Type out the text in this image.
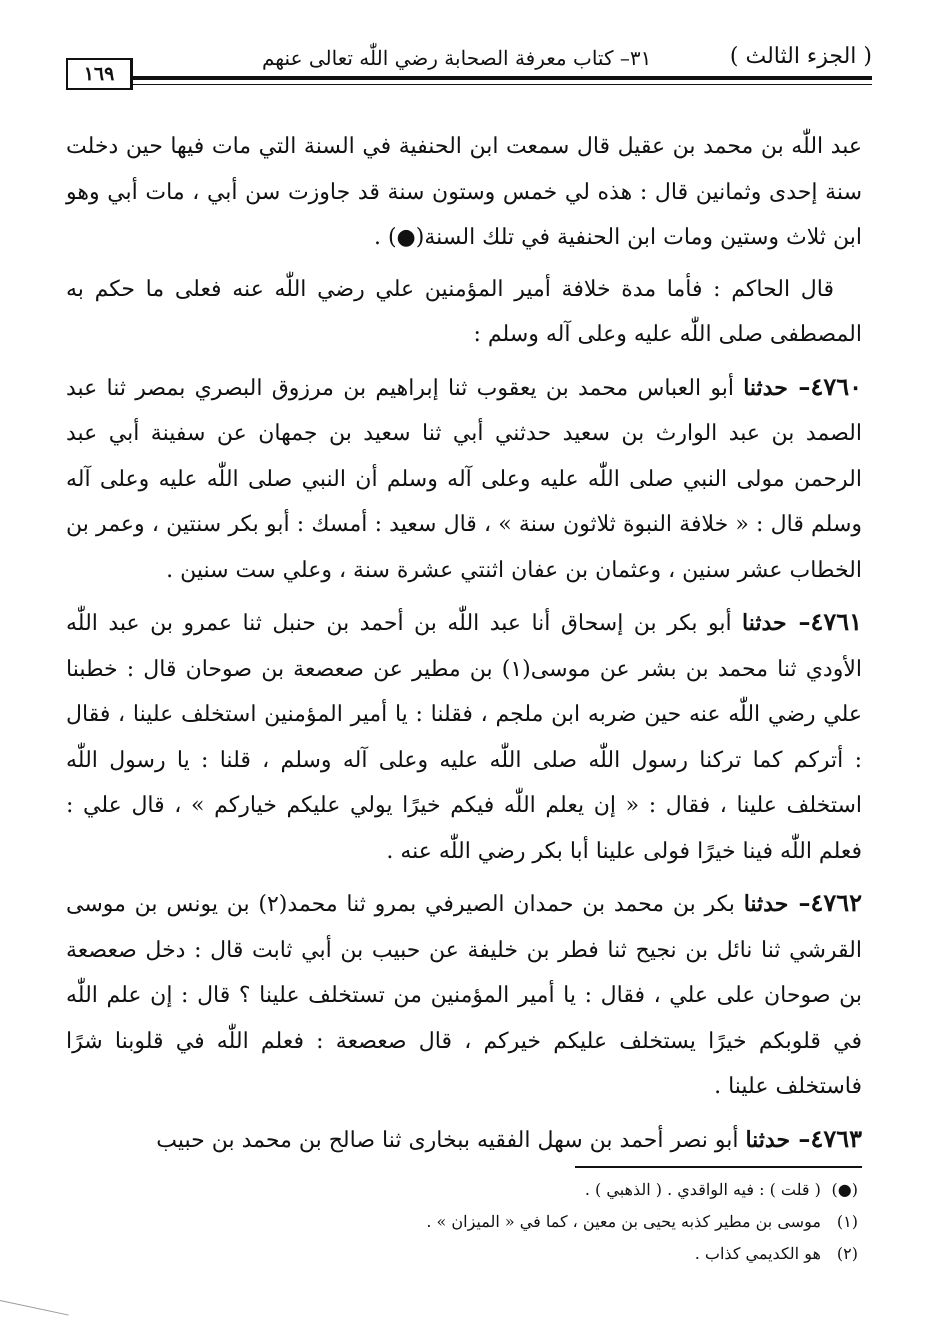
( الجزء الثالث )
٣١– كتاب معرفة الصحابة رضي اللّٰه تعالى عنهم
١٦٩

عبد اللّٰه بن محمد بن عقيل قال سمعت ابن الحنفية في السنة التي مات فيها حين دخلت سنة إحدى وثمانين قال : هذه لي خمس وستون سنة قد جاوزت سن أبي ، مات أبي وهو ابن ثلاث وستين ومات ابن الحنفية في تلك السنة(●) .

قال الحاكم : فأما مدة خلافة أمير المؤمنين علي رضي اللّٰه عنه فعلى ما حكم به المصطفى صلى اللّٰه عليه وعلى آله وسلم :

٤٧٦٠– حدثنا أبو العباس محمد بن يعقوب ثنا إبراهيم بن مرزوق البصري بمصر ثنا عبد الصمد بن عبد الوارث بن سعيد حدثني أبي ثنا سعيد بن جمهان عن سفينة أبي عبد الرحمن مولى النبي صلى اللّٰه عليه وعلى آله وسلم أن النبي صلى اللّٰه عليه وعلى آله وسلم قال : « خلافة النبوة ثلاثون سنة » ، قال سعيد : أمسك : أبو بكر سنتين ، وعمر بن الخطاب عشر سنين ، وعثمان بن عفان اثنتي عشرة سنة ، وعلي ست سنين .

٤٧٦١– حدثنا أبو بكر بن إسحاق أنا عبد اللّٰه بن أحمد بن حنبل ثنا عمرو بن عبد اللّٰه الأودي ثنا محمد بن بشر عن موسى(١) بن مطير عن صعصعة بن صوحان قال : خطبنا علي رضي اللّٰه عنه حين ضربه ابن ملجم ، فقلنا : يا أمير المؤمنين استخلف علينا ، فقال : أتركم كما تركنا رسول اللّٰه صلى اللّٰه عليه وعلى آله وسلم ، قلنا : يا رسول اللّٰه استخلف علينا ، فقال : « إن يعلم اللّٰه فيكم خيرًا يولي عليكم خياركم » ، قال علي : فعلم اللّٰه فينا خيرًا فولى علينا أبا بكر رضي اللّٰه عنه .

٤٧٦٢– حدثنا بكر بن محمد بن حمدان الصيرفي بمرو ثنا محمد(٢) بن يونس بن موسى القرشي ثنا نائل بن نجيح ثنا فطر بن خليفة عن حبيب بن أبي ثابت قال : دخل صعصعة بن صوحان على علي ، فقال : يا أمير المؤمنين من تستخلف علينا ؟ قال : إن علم اللّٰه في قلوبكم خيرًا يستخلف عليكم خيركم ، قال صعصعة : فعلم اللّٰه في قلوبنا شرًا فاستخلف علينا .

٤٧٦٣– حدثنا أبو نصر أحمد بن سهل الفقيه ببخارى ثنا صالح بن محمد بن حبيب

(●) ( قلت ) : فيه الواقدي . ( الذهبي ) .
(١) موسى بن مطير كذبه يحيى بن معين ، كما في « الميزان » .
(٢) هو الكديمي كذاب .
